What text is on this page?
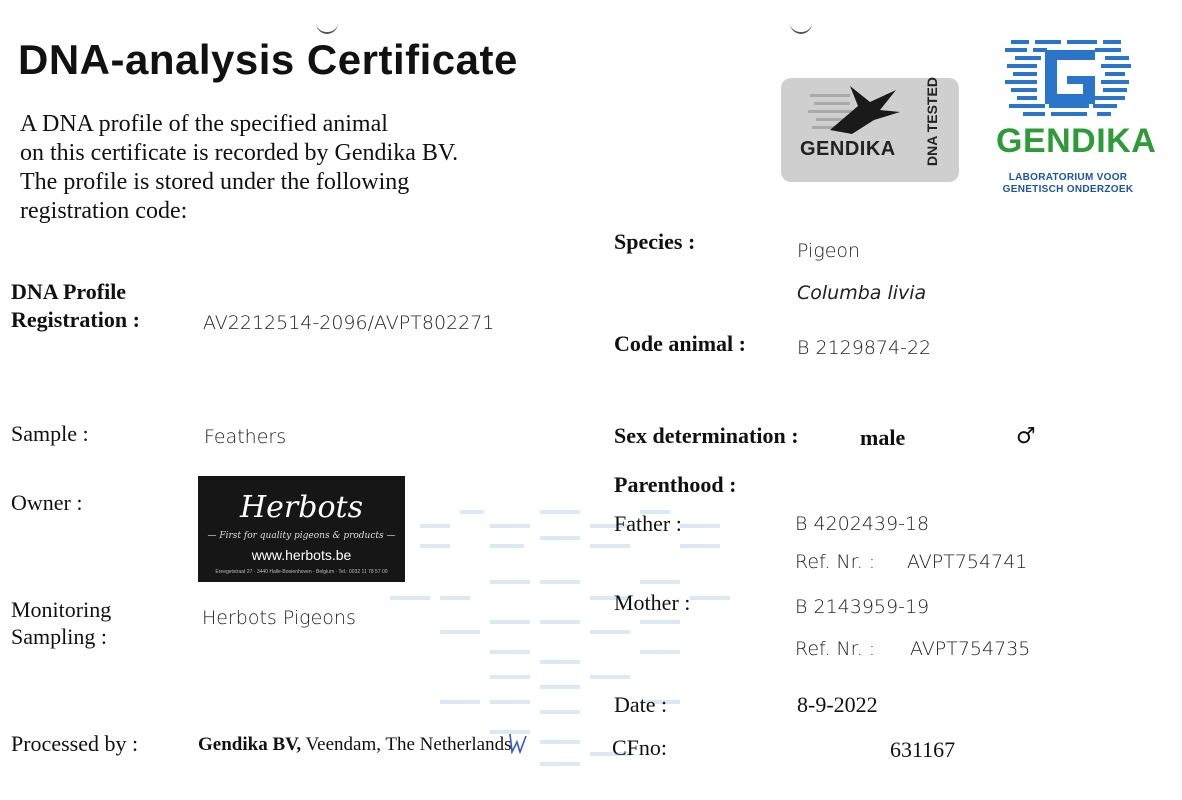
DNA-analysis Certificate
A DNA profile of the specified animal
on this certificate is recorded by Gendika BV.
The profile is stored under the following
registration code:
GENDIKA DNA TESTED GENDIKA
LABORATORIUM VOOR
GENETISCH ONDERZOEK
DNA Profile
Registration :	AV2212514-2096/AVPT802271
Sample :	Feathers
Owner :	Herbots
— First for quality pigeons & products —
www.herbots.be
Ereegetstraat 27 · 3440 Halle-Booienhoven · Belgium · Tel.: 0032 11 78 57 00
Monitoring
Sampling :
Herbots Pigeons
Processed by :	Gendika BV, Veendam, The Netherlands
Species :	Pigeon
Columba livia
Code animal :	B 2129874-22
Sex determination :	male	♂
Parenthood :
Father :	B 4202439-18
Ref. Nr. : AVPT754741
Mother :	B 2143959-19
Ref. Nr. : AVPT754735
Date :	8-9-2022
CFno:	631167
